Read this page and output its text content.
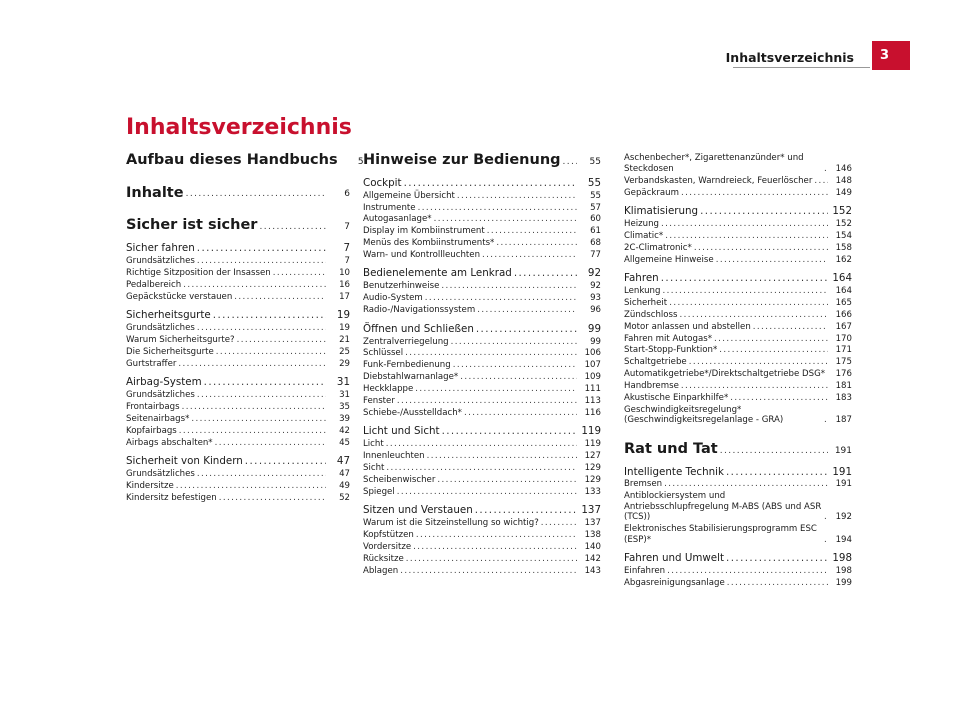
Inhaltsverzeichnis	3
Inhaltsverzeichnis
Aufbau dieses Handbuchs	5
Inhalte .....	6
Sicher ist sicher .....	7
Sicher fahren .....	7
Grundsätzliches .....	7
Richtige Sitzposition der Insassen .....	10
Pedalbereich .....	16
Gepäckstücke verstauen .....	17
Sicherheitsgurte .....	19
Grundsätzliches .....	19
Warum Sicherheitsgurte? .....	21
Die Sicherheitsgurte .....	25
Gurtstraffer .....	29
Airbag-System .....	31
Grundsätzliches .....	31
Frontairbags .....	35
Seitenairbags* .....	39
Kopfairbags .....	42
Airbags abschalten* .....	45
Sicherheit von Kindern .....	47
Grundsätzliches .....	47
Kindersitze .....	49
Kindersitz befestigen .....	52
Hinweise zur Bedienung .....	55
Cockpit .....	55
Allgemeine Übersicht .....	55
Instrumente .....	57
Autogasanlage* .....	60
Display im Kombiinstrument .....	61
Menüs des Kombiinstruments* .....	68
Warn- und Kontrollleuchten .....	77
Bedienelemente am Lenkrad .....	92
Benutzerhinweise .....	92
Audio-System .....	93
Radio-/Navigationssystem .....	96
Öffnen und Schließen .....	99
Zentralverriegelung .....	99
Schlüssel .....	106
Funk-Fernbedienung .....	107
Diebstahlwarnanlage* .....	109
Heckklappe .....	111
Fenster .....	113
Schiebe-/Ausstelldach* .....	116
Licht und Sicht .....	119
Licht .....	119
Innenleuchten .....	127
Sicht .....	129
Scheibenwischer .....	129
Spiegel .....	133
Sitzen und Verstauen .....	137
Warum ist die Sitzeinstellung so wichtig? .....	137
Kopfstützen .....	138
Vordersitze .....	140
Rücksitze .....	142
Ablagen .....	143
Aschenbecher*, Zigarettenanzünder* und Steckdosen .....	146
Verbandskasten, Warndreieck, Feuerlöscher .....	148
Gepäckraum .....	149
Klimatisierung .....	152
Heizung .....	152
Climatic* .....	154
2C-Climatronic* .....	158
Allgemeine Hinweise .....	162
Fahren .....	164
Lenkung .....	164
Sicherheit .....	165
Zündschloss .....	166
Motor anlassen und abstellen .....	167
Fahren mit Autogas* .....	170
Start-Stopp-Funktion* .....	171
Schaltgetriebe .....	175
Automatikgetriebe*/Direktschaltgetriebe DSG* .....	176
Handbremse .....	181
Akustische Einparkhilfe* .....	183
Geschwindigkeitsregelung* (Geschwindigkeitsregelanlage - GRA) .....	187
Rat und Tat .....	191
Intelligente Technik .....	191
Bremsen .....	191
Antiblockiersystem und Antriebsschlupfregelung M-ABS (ABS und ASR (TCS)) .....	192
Elektronisches Stabilisierungsprogramm ESC (ESP)* .....	194
Fahren und Umwelt .....	198
Einfahren .....	198
Abgasreinigungsanlage .....	199
